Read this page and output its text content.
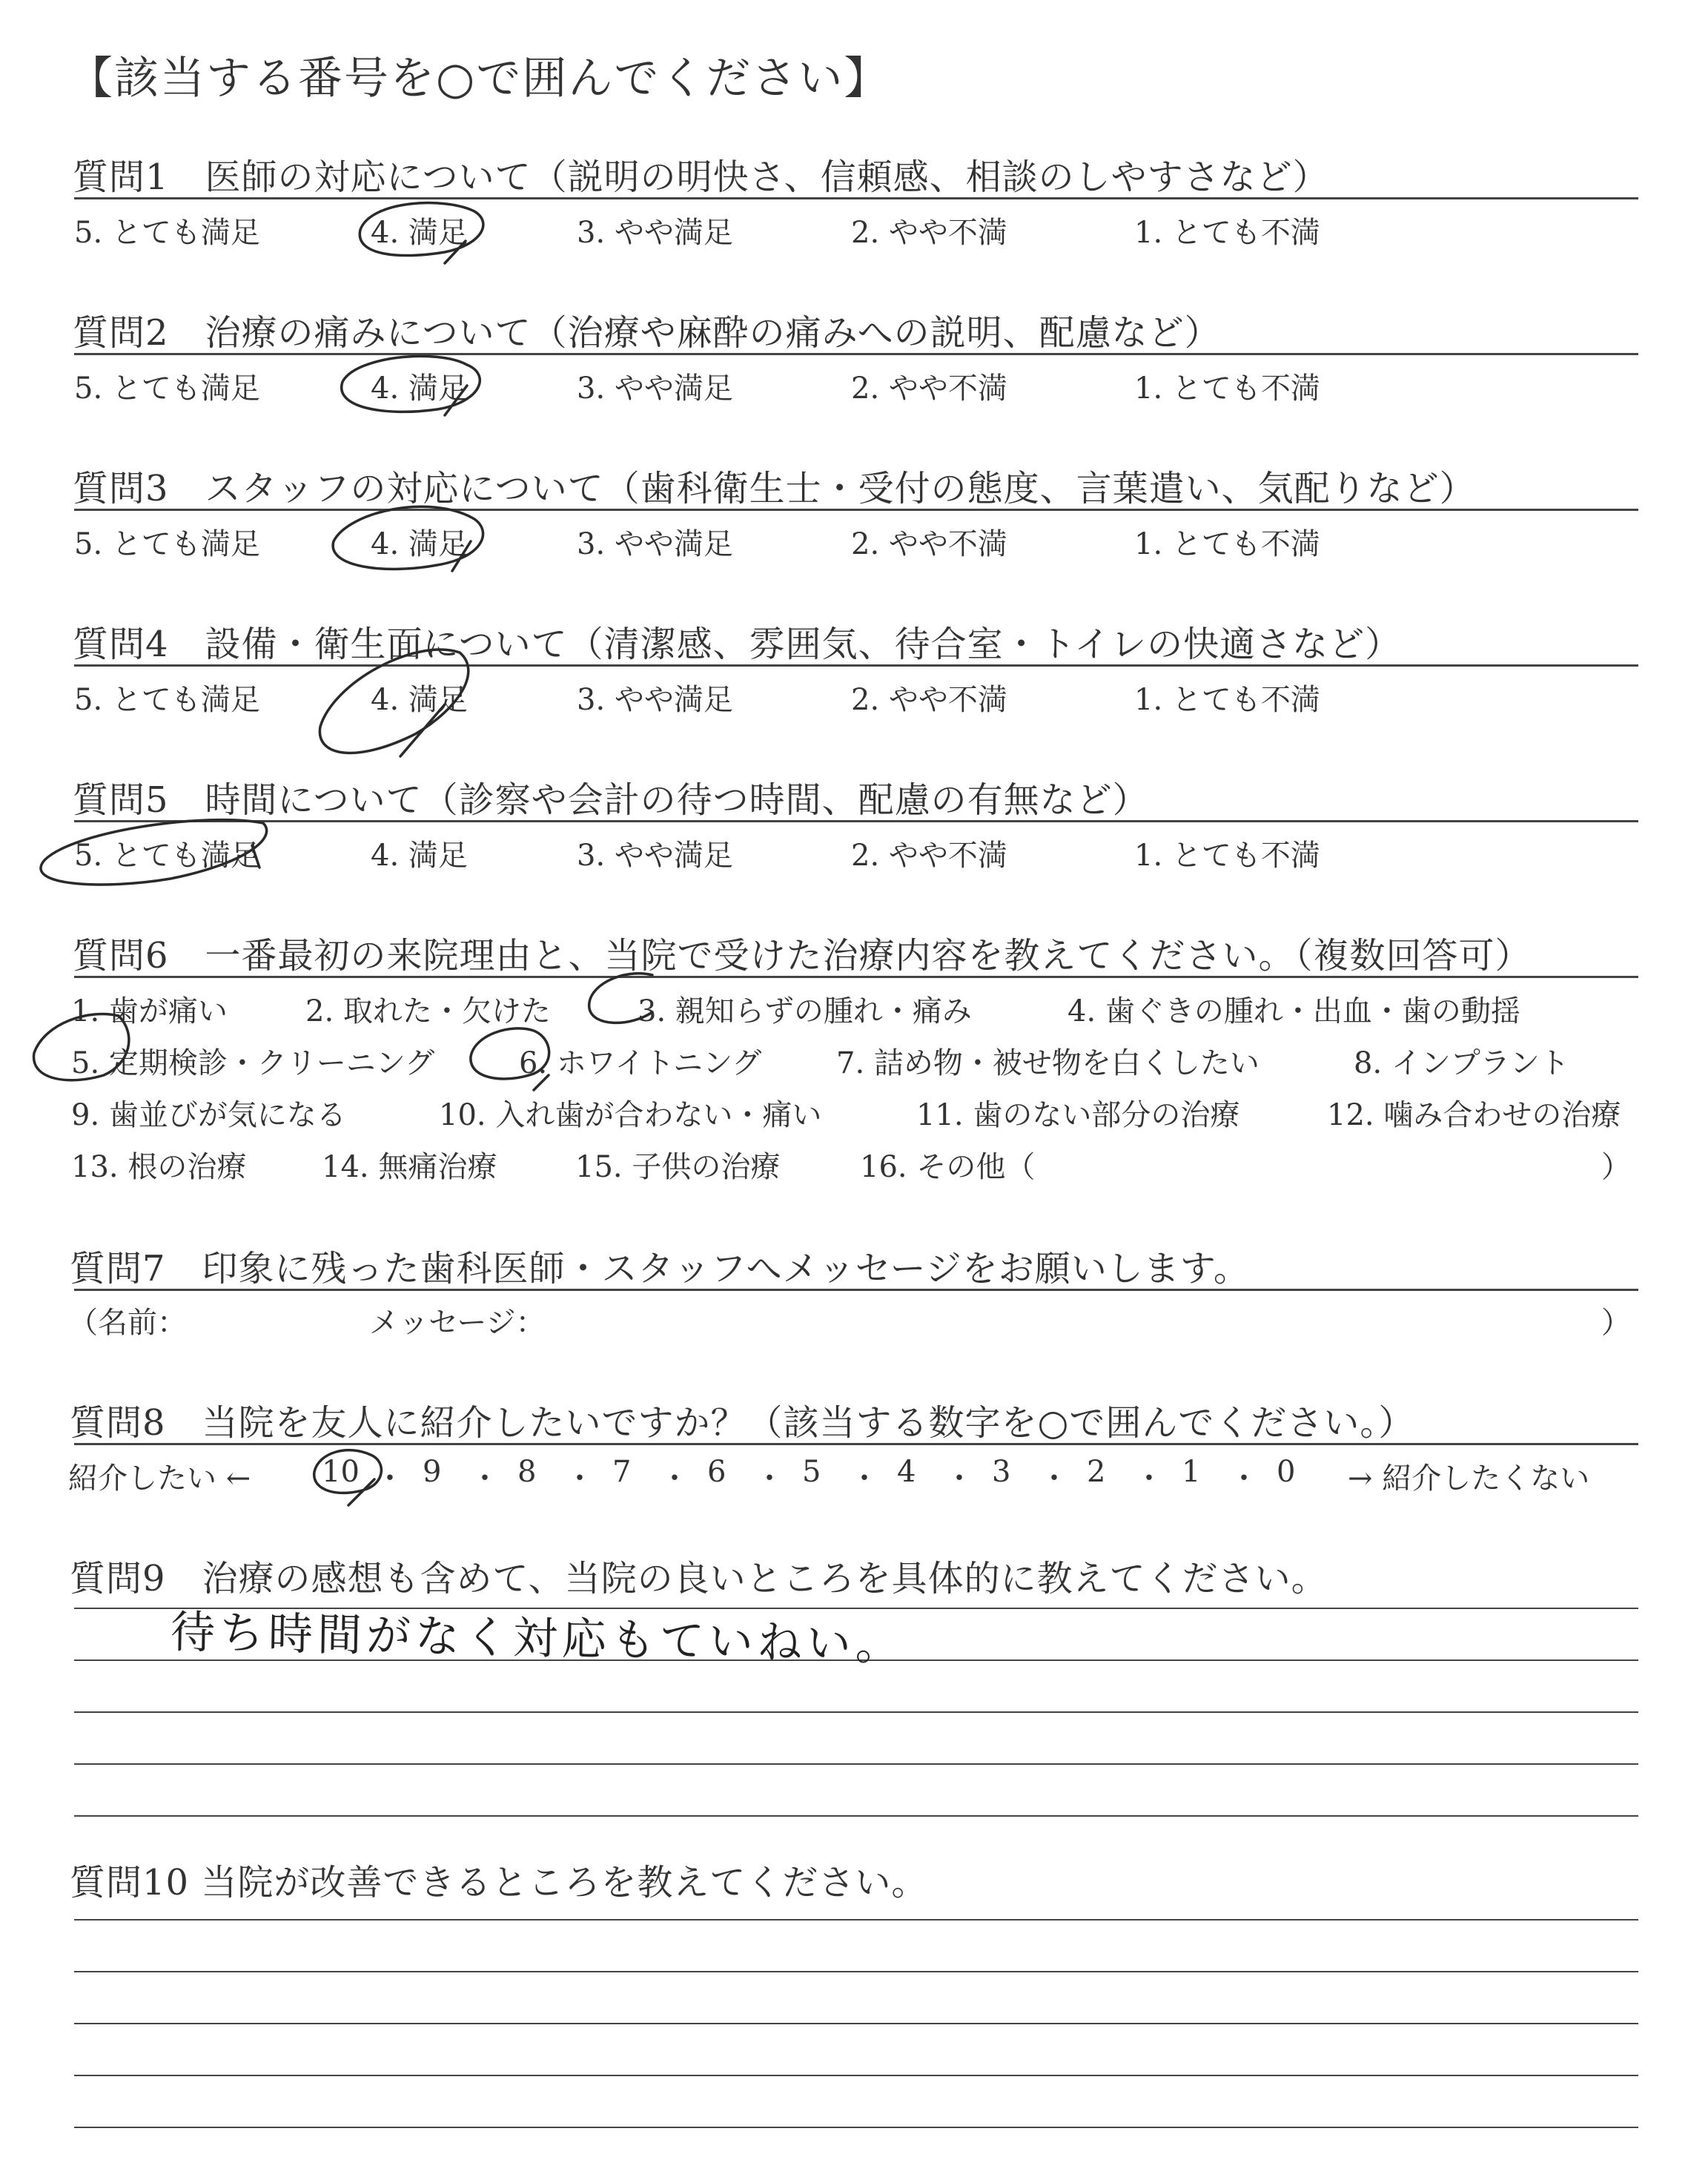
【該当する番号を○で囲んでください】
質問1　医師の対応について（説明の明快さ、信頼感、相談のしやすさなど）
5. とても満足	4. 満足	3. やや満足	2. やや不満	1. とても不満
質問2　治療の痛みについて（治療や麻酔の痛みへの説明、配慮など）
5. とても満足	4. 満足	3. やや満足	2. やや不満	1. とても不満
質問3　スタッフの対応について（歯科衛生士・受付の態度、言葉遣い、気配りなど）
5. とても満足	4. 満足	3. やや満足	2. やや不満	1. とても不満
質問4　設備・衛生面について（清潔感、雰囲気、待合室・トイレの快適さなど）
5. とても満足	4. 満足	3. やや満足	2. やや不満	1. とても不満
質問5　時間について（診察や会計の待つ時間、配慮の有無など）
5. とても満足	4. 満足	3. やや満足	2. やや不満	1. とても不満
質問6　一番最初の来院理由と、当院で受けた治療内容を教えてください。（複数回答可）
1. 歯が痛い	2. 取れた・欠けた	3. 親知らずの腫れ・痛み	4. 歯ぐきの腫れ・出血・歯の動揺
5. 定期検診・クリーニング	6. ホワイトニング	7. 詰め物・被せ物を白くしたい	8. インプラント
9. 歯並びが気になる	10. 入れ歯が合わない・痛い	11. 歯のない部分の治療	12. 噛み合わせの治療
13. 根の治療	14. 無痛治療	15. 子供の治療	16. その他（	）
質問7　印象に残った歯科医師・スタッフへメッセージをお願いします。
（名前：	メッセージ：	）
質問8　当院を友人に紹介したいですか？（該当する数字を○で囲んでください。）
紹介したい ← 10 ・ 9 ・ 8 ・ 7 ・ 6 ・ 5 ・ 4 ・ 3 ・ 2 ・ 1 ・ 0 → 紹介したくない
質問9　治療の感想も含めて、当院の良いところを具体的に教えてください。
待ち時間がなく対応もていねい。
質問10 当院が改善できるところを教えてください。
